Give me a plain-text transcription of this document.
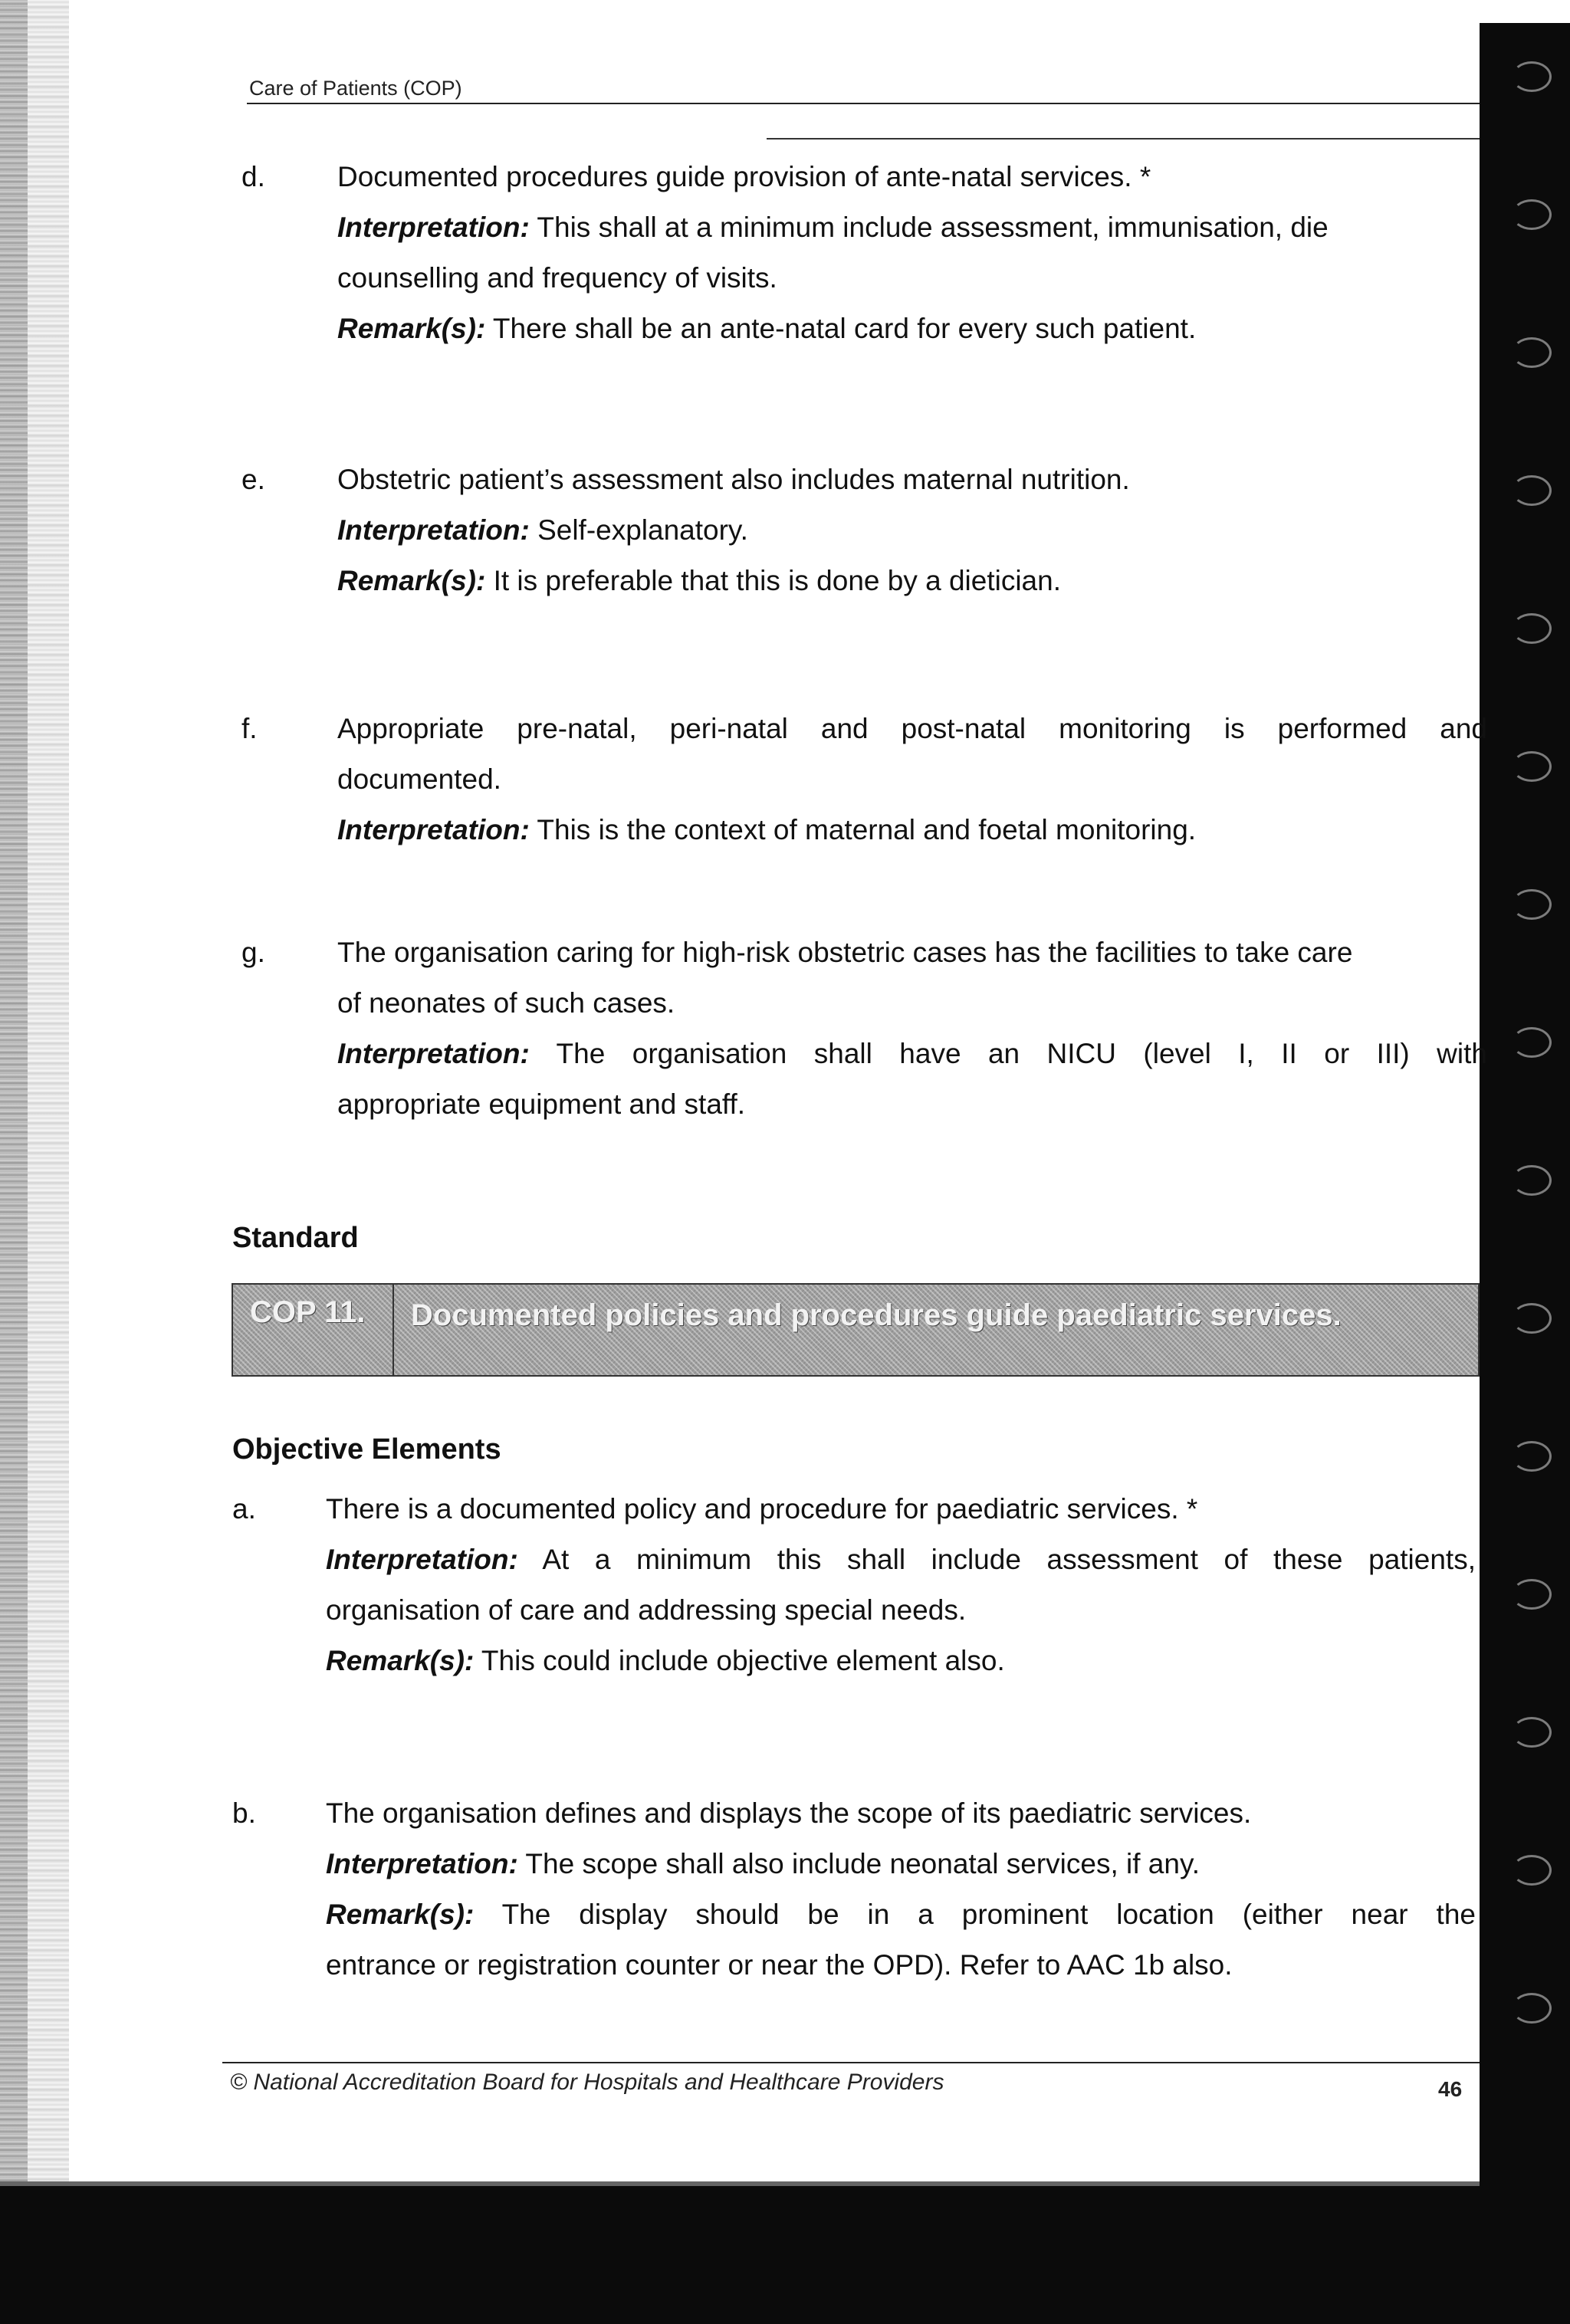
Care of Patients (COP)
d.	Documented procedures guide provision of ante-natal services. *

Interpretation: This shall at a minimum include assessment, immunisation, die

counselling and frequency of visits.

Remark(s): There shall be an ante-natal card for every such patient.

e.	Obstetric patient’s assessment also includes maternal nutrition.

Interpretation: Self-explanatory.

Remark(s): It is preferable that this is done by a dietician.

f.	Appropriate pre-natal, peri-natal and post-natal monitoring is performed and

documented.

Interpretation: This is the context of maternal and foetal monitoring.

g.	The organisation caring for high-risk obstetric cases has the facilities to take care

of neonates of such cases.

Interpretation: The organisation shall have an NICU (level I, II or III) with

appropriate equipment and staff.

Standard
COP 11.	Documented policies and procedures guide paediatric services.
Objective Elements
a. There is a documented policy and procedure for paediatric services. *

Interpretation: At a minimum this shall include assessment of these patients,

organisation of care and addressing special needs.

Remark(s): This could include objective element also.

b. The organisation defines and displays the scope of its paediatric services.

Interpretation: The scope shall also include neonatal services, if any.

Remark(s): The display should be in a prominent location (either near the

entrance or registration counter or near the OPD). Refer to AAC 1b also.

© National Accreditation Board for Hospitals and Healthcare Providers	46
